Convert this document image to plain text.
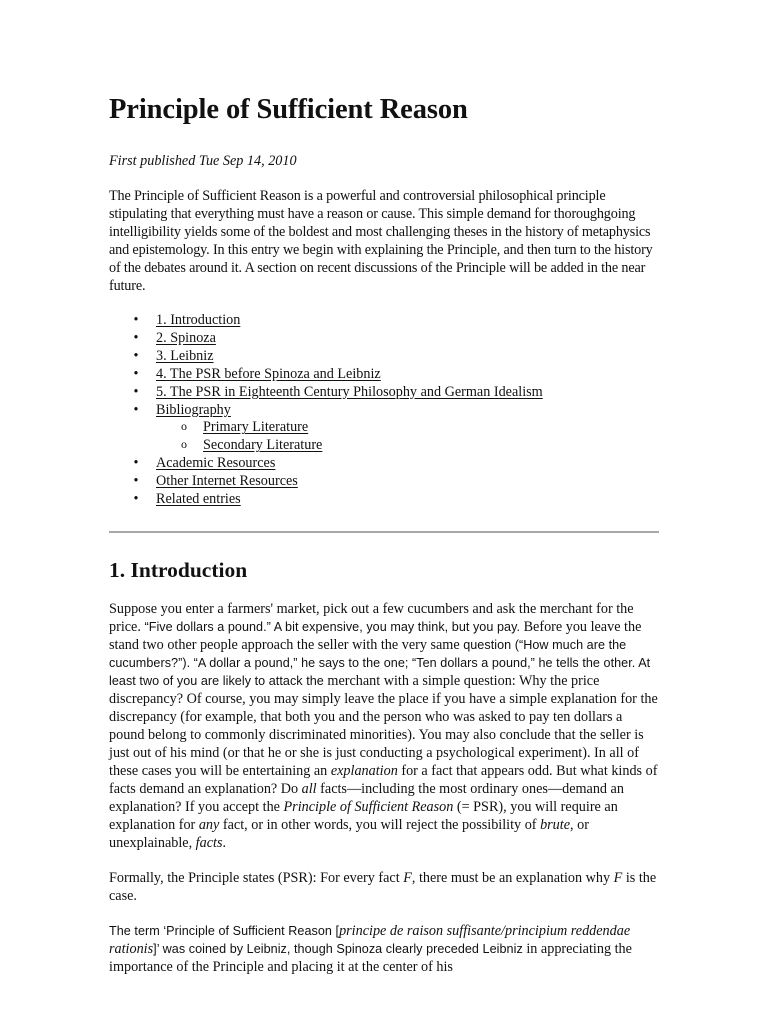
Principle of Sufficient Reason

First published Tue Sep 14, 2010

The Principle of Sufficient Reason is a powerful and controversial philosophical principle stipulating that everything must have a reason or cause. This simple demand for thoroughgoing intelligibility yields some of the boldest and most challenging theses in the history of metaphysics and epistemology. In this entry we begin with explaining the Principle, and then turn to the history of the debates around it. A section on recent discussions of the Principle will be added in the near future.

• 1. Introduction
• 2. Spinoza
• 3. Leibniz
• 4. The PSR before Spinoza and Leibniz
• 5. The PSR in Eighteenth Century Philosophy and German Idealism
• Bibliography
o Primary Literature
o Secondary Literature
• Academic Resources
• Other Internet Resources
• Related entries
1. Introduction

Suppose you enter a farmers' market, pick out a few cucumbers and ask the merchant for the price. “Five dollars a pound.” A bit expensive, you may think, but you pay. Before you leave the stand two other people approach the seller with the very same question (“How much are the cucumbers?”). “A dollar a pound,” he says to the one; “Ten dollars a pound,” he tells the other. At least two of you are likely to attack the merchant with a simple question: Why the price discrepancy? Of course, you may simply leave the place if you have a simple explanation for the discrepancy (for example, that both you and the person who was asked to pay ten dollars a pound belong to commonly discriminated minorities). You may also conclude that the seller is just out of his mind (or that he or she is just conducting a psychological experiment). In all of these cases you will be entertaining an explanation for a fact that appears odd. But what kinds of facts demand an explanation? Do all facts—including the most ordinary ones—demand an explanation? If you accept the Principle of Sufficient Reason (= PSR), you will require an explanation for any fact, or in other words, you will reject the possibility of brute, or unexplainable, facts.

Formally, the Principle states (PSR): For every fact F, there must be an explanation why F is the case.

The term ‘Principle of Sufficient Reason [principe de raison suffisante/principium reddendae rationis]’ was coined by Leibniz, though Spinoza clearly preceded Leibniz in appreciating the importance of the Principle and placing it at the center of his
